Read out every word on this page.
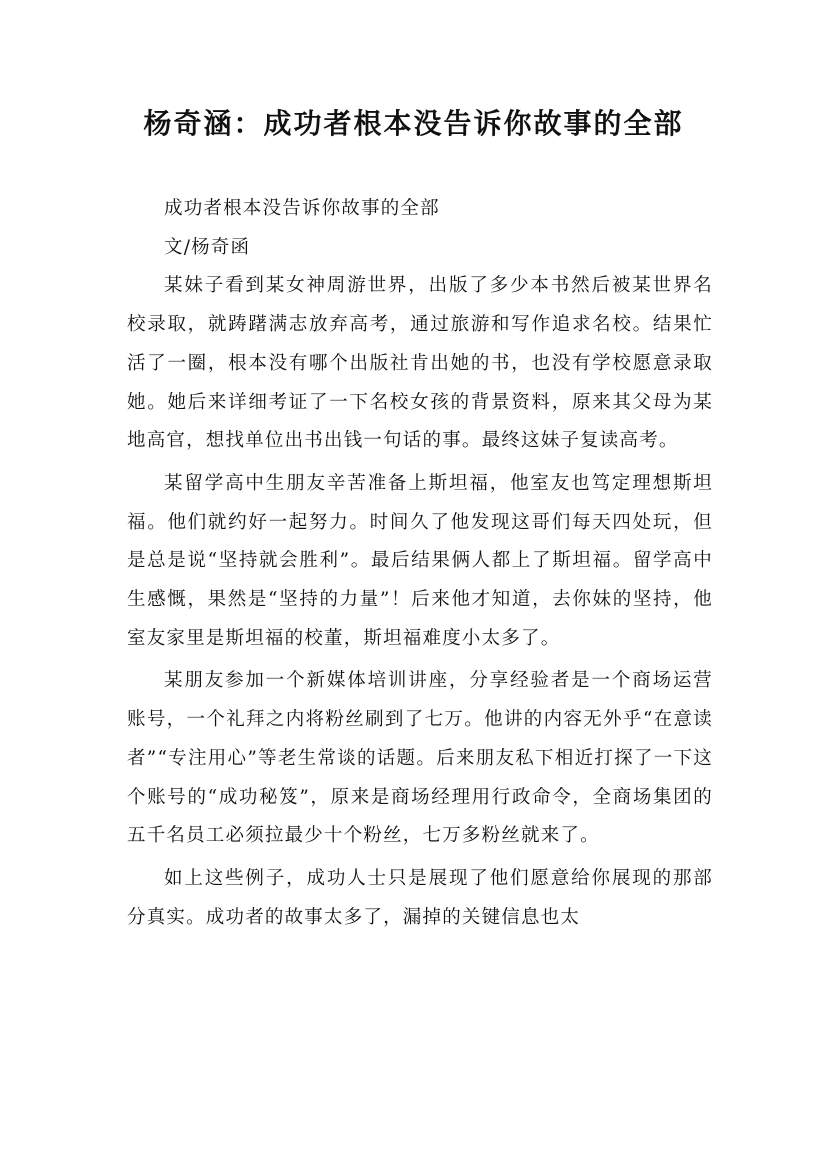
杨奇涵：成功者根本没告诉你故事的全部

成功者根本没告诉你故事的全部

文/杨奇函

某妹子看到某女神周游世界，出版了多少本书然后被某世界名校录取，就踌躇满志放弃高考，通过旅游和写作追求名校。结果忙活了一圈，根本没有哪个出版社肯出她的书，也没有学校愿意录取她。她后来详细考证了一下名校女孩的背景资料，原来其父母为某地高官，想找单位出书出钱一句话的事。最终这妹子复读高考。

某留学高中生朋友辛苦准备上斯坦福，他室友也笃定理想斯坦福。他们就约好一起努力。时间久了他发现这哥们每天四处玩，但是总是说“坚持就会胜利”。最后结果俩人都上了斯坦福。留学高中生感慨，果然是“坚持的力量”！后来他才知道，去你妹的坚持，他室友家里是斯坦福的校董，斯坦福难度小太多了。

某朋友参加一个新媒体培训讲座，分享经验者是一个商场运营账号，一个礼拜之内将粉丝刷到了七万。他讲的内容无外乎“在意读者”“专注用心”等老生常谈的话题。后来朋友私下相近打探了一下这个账号的“成功秘笈”，原来是商场经理用行政命令，全商场集团的五千名员工必须拉最少十个粉丝，七万多粉丝就来了。

如上这些例子，成功人士只是展现了他们愿意给你展现的那部分真实。成功者的故事太多了，漏掉的关键信息也太
